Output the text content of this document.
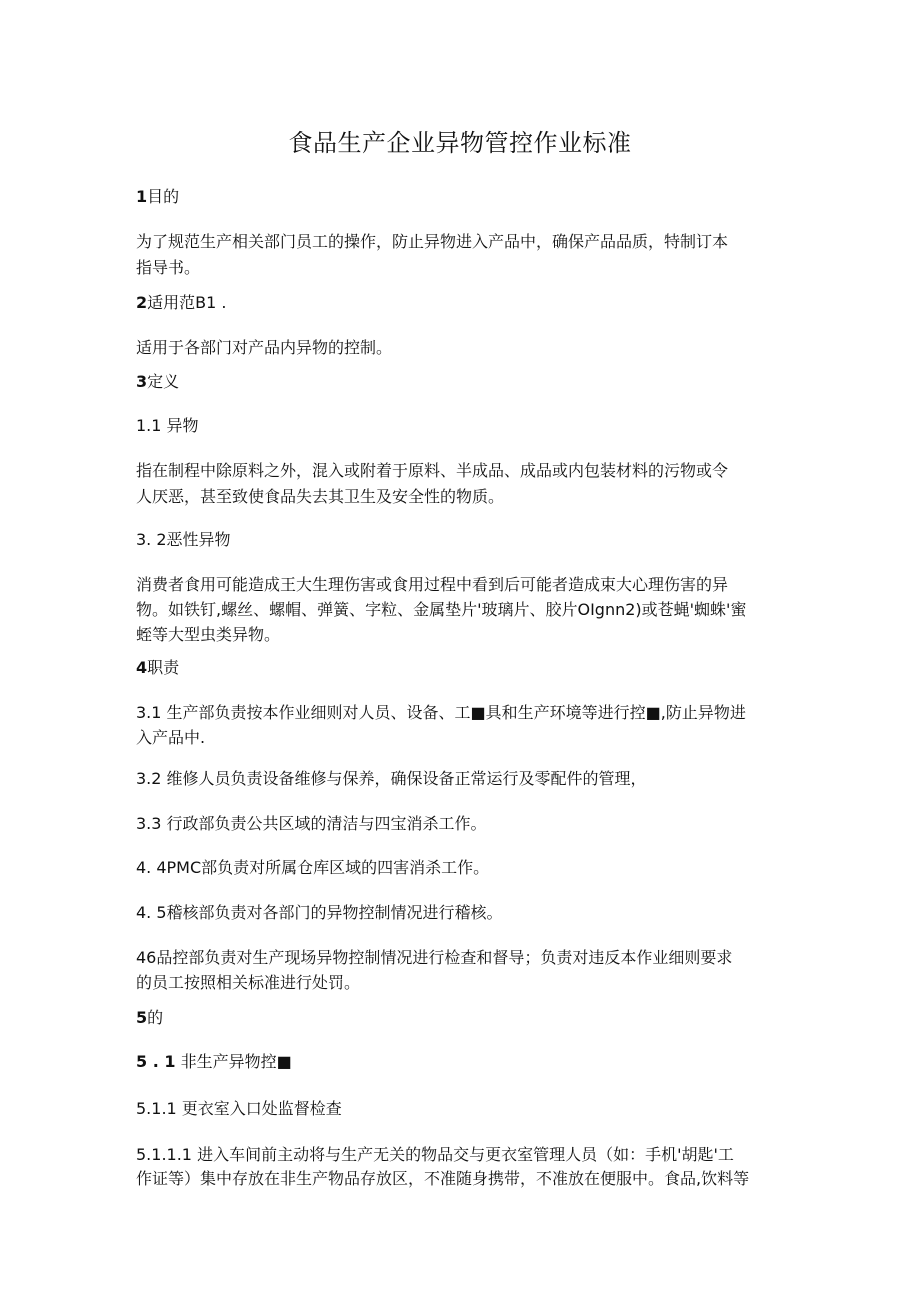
食品生产企业异物管控作业标准
1目的
为了规范生产相关部门员工的操作，防止异物进入产品中，确保产品品质，特制订本
指导书。
2适用范B1 .
适用于各部门对产品内异物的控制。
3定义
1.1 异物
指在制程中除原料之外，混入或附着于原料、半成品、成品或内包装材料的污物或令
人厌恶，甚至致使食品失去其卫生及安全性的物质。
3. 2恶性异物
消费者食用可能造成王大生理伤害或食用过程中看到后可能者造成束大心理伤害的异
物。如铁钉,螺丝、螺帽、弹簧、字粒、金属垫片'玻璃片、胶片OIgnn2)或苍蝇'蜘蛛'蜜
蛭等大型虫类异物。
4职责
3.1 生产部负责按本作业细则对人员、设备、工■具和生产环境等进行控■,防止异物进
入产品中.
3.2 维修人员负责设备维修与保养，确保设备正常运行及零配件的管理，
3.3 行政部负责公共区域的清洁与四宝消杀工作。
4. 4PMC部负责对所属仓库区域的四害消杀工作。
4. 5稽核部负责对各部门的异物控制情况进行稽核。
46品控部负责对生产现场异物控制情况进行检查和督导；负责对违反本作业细则要求
的员工按照相关标准进行处罚。
5的
5 . 1 非生产异物控■
5.1.1 更衣室入口处监督检查
5.1.1.1 进入车间前主动将与生产无关的物品交与更衣室管理人员（如：手机'胡匙'工
作证等）集中存放在非生产物品存放区，不准随身携带，不准放在便服中。食品,饮料等
